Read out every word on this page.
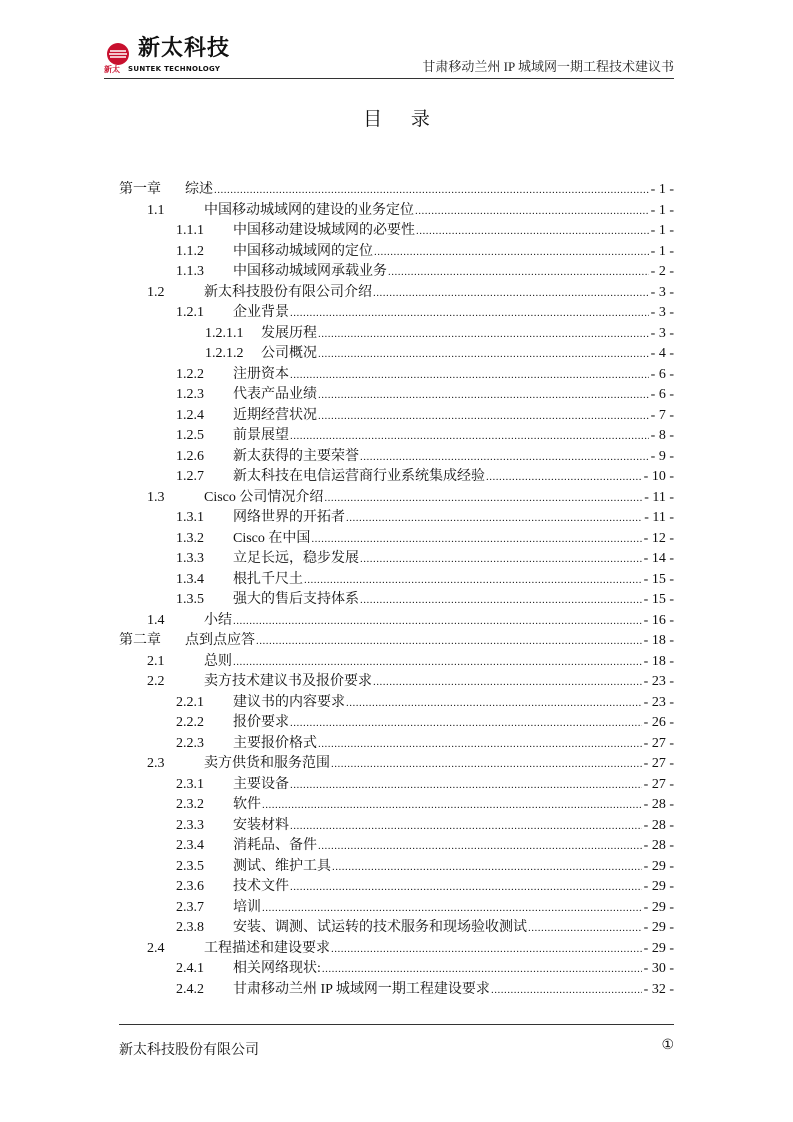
新太科技
新太 SUNTEK TECHNOLOGY	甘肃移动兰州 IP 城域网一期工程技术建议书
目 录
第一章	综述 .....	- 1 -
1.1	中国移动城域网的建设的业务定位 .....	- 1 -
1.1.1	中国移动建设城域网的必要性 .....	- 1 -
1.1.2	中国移动城域网的定位 .....	- 1 -
1.1.3	中国移动城域网承载业务 .....	- 2 -
1.2	新太科技股份有限公司介绍 .....	- 3 -
1.2.1	企业背景 .....	- 3 -
1.2.1.1	发展历程 .....	- 3 -
1.2.1.2	公司概况 .....	- 4 -
1.2.2	注册资本 .....	- 6 -
1.2.3	代表产品业绩 .....	- 6 -
1.2.4	近期经营状况 .....	- 7 -
1.2.5	前景展望 .....	- 8 -
1.2.6	新太获得的主要荣誉 .....	- 9 -
1.2.7	新太科技在电信运营商行业系统集成经验 .....	- 10 -
1.3	Cisco 公司情况介绍 .....	- 11 -
1.3.1	网络世界的开拓者 .....	- 11 -
1.3.2	Cisco 在中国 .....	- 12 -
1.3.3	立足长远，稳步发展 .....	- 14 -
1.3.4	根扎千尺土 .....	- 15 -
1.3.5	强大的售后支持体系 .....	- 15 -
1.4	小结 .....	- 16 -
第二章	点到点应答 .....	- 18 -
2.1	总则 .....	- 18 -
2.2	卖方技术建议书及报价要求 .....	- 23 -
2.2.1	建议书的内容要求 .....	- 23 -
2.2.2	报价要求 .....	- 26 -
2.2.3	主要报价格式 .....	- 27 -
2.3	卖方供货和服务范围 .....	- 27 -
2.3.1	主要设备 .....	- 27 -
2.3.2	软件 .....	- 28 -
2.3.3	安装材料 .....	- 28 -
2.3.4	消耗品、备件 .....	- 28 -
2.3.5	测试、维护工具 .....	- 29 -
2.3.6	技术文件 .....	- 29 -
2.3.7	培训 .....	- 29 -
2.3.8	安装、调测、试运转的技术服务和现场验收测试 .....	- 29 -
2.4	工程描述和建设要求 .....	- 29 -
2.4.1	相关网络现状: .....	- 30 -
2.4.2	甘肃移动兰州 IP 城域网一期工程建设要求 .....	- 32 -
新太科技股份有限公司	①
